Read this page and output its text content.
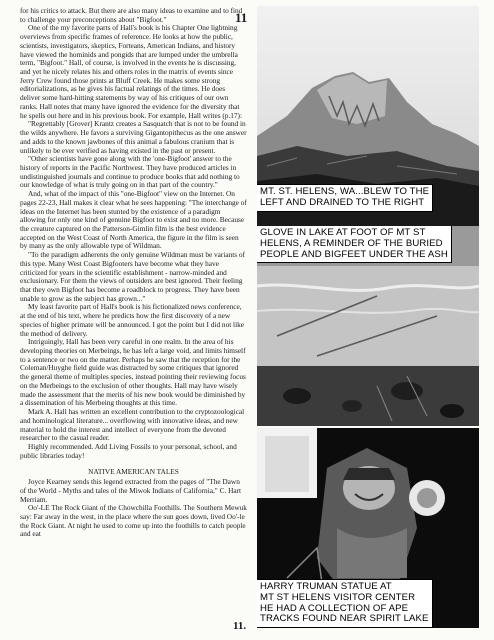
for his critics to attack. But there are also many ideas to examine and to find to challenge your preconceptions about "Bigfoot."

One of the my favorite parts of Hall's book is his Chapter One lightning overviews from specific frames of reference. He looks at how the public, scientists, investigators, skeptics, Forteans, American Indians, and history have viewed the hominids and pongids that are lumped under the umbrella term, "Bigfoot." Hall, of course, is involved in the events he is discussing, and yet he nicely relates his and others roles in the matrix of events since Jerry Crew found those prints at Bluff Creek. He makes some strong editorializations, as he gives his factual relatings of the times. He does deliver some hard-hitting statements by way of his critiques of our own ranks. Hall notes that many have ignored the evidence for the diversity that he spells out here and in his previous book. For example, Hall writes (p.17):

"Regrettably [Grover] Krantz creates a Sasquatch that is not to be found in the wilds anywhere. He favors a surviving Gigantopithecus as the one answer and adds to the known jawbones of this animal a fabulous cranium that is unlikely to be ever verified as having existed in the past or present.

"Other scientists have gone along with the 'one-Bigfoot' answer to the history of reports in the Pacific Northwest. They have produced articles in undistinguished journals and continue to produce books that add nothing to our knowledge of what is truly going on in that part of the country."

And, what of the impact of this "one-Bigfoot" view on the Internet. On pages 22-23, Hall makes it clear what he sees happening: "The interchange of ideas on the Internet has been stunted by the existence of a paradigm allowing for only one kind of genuine Bigfoot to exist and no more. Because the creature captured on the Patterson-Gimlin film is the best evidence accepted on the West Coast of North America, the figure in the film is seen by many as the only allowable type of Wildman.

"To the paradigm adherents the only genuine Wildman must be variants of this type. Many West Coast Bigfooters have become what they have criticized for years in the scientific establishment - narrow-minded and exclusionary. For them the views of outsiders are best ignored. Their feeling that they own Bigfoot has become a roadblock to progress. They have been unable to grow as the subject has grown..."

My least favorite part of Hall's book is his fictionalized news conference, at the end of his text, where he predicts how the first discovery of a new species of higher primate will be announced. I got the point but I did not like the method of delivery.

Intriguingly, Hall has been very careful in one realm. In the area of his developing theories on Merbeings, he has left a large void, and limits himself to a sentence or two on the matter. Perhaps he saw that the reception for the Coleman/Huyghe field guide was distracted by some critiques that ignored the general theme of multiples species, instead pointing their reviewing focus on the Merbeings to the exclusion of other thoughts. Hall may have wisely made the assessment that the merits of his new book would be diminished by a dissemination of his Merbeing thoughts at this time.

Mark A. Hall has written an excellent contribution to the cryptozoological and hominological literature... overflowing with innovative ideas, and new material to hold the interest and intellect of everyone from the devoted researcher to the casual reader.

Highly recommended. Add Living Fossils to your personal, school, and public libraries today!

NATIVE AMERICAN TALES

Joyce Kearney sends this legend extracted from the pages of "The Dawn of the World - Myths and tales of the Miwok Indians of California," C. Hart Merriam.

Oo'-LE The Rock Giant of the Chowchilla Foothills. The Southern Mewuk say: Far away in the west, in the place where the sun goes down, lived Oo'-le the Rock Giant. At night he used to come up into the foothills to catch people and eat

11
11.
MT. ST. HELENS, WA...BLEW TO THE
LEFT AND DRAINED TO THE RIGHT
GLOVE IN LAKE AT FOOT OF MT ST
HELENS, A REMINDER OF THE BURIED
PEOPLE AND BIGFEET UNDER THE ASH
HARRY TRUMAN STATUE AT
MT ST HELENS VISITOR CENTER
HE HAD A COLLECTION OF APE
TRACKS FOUND NEAR SPIRIT LAKE
